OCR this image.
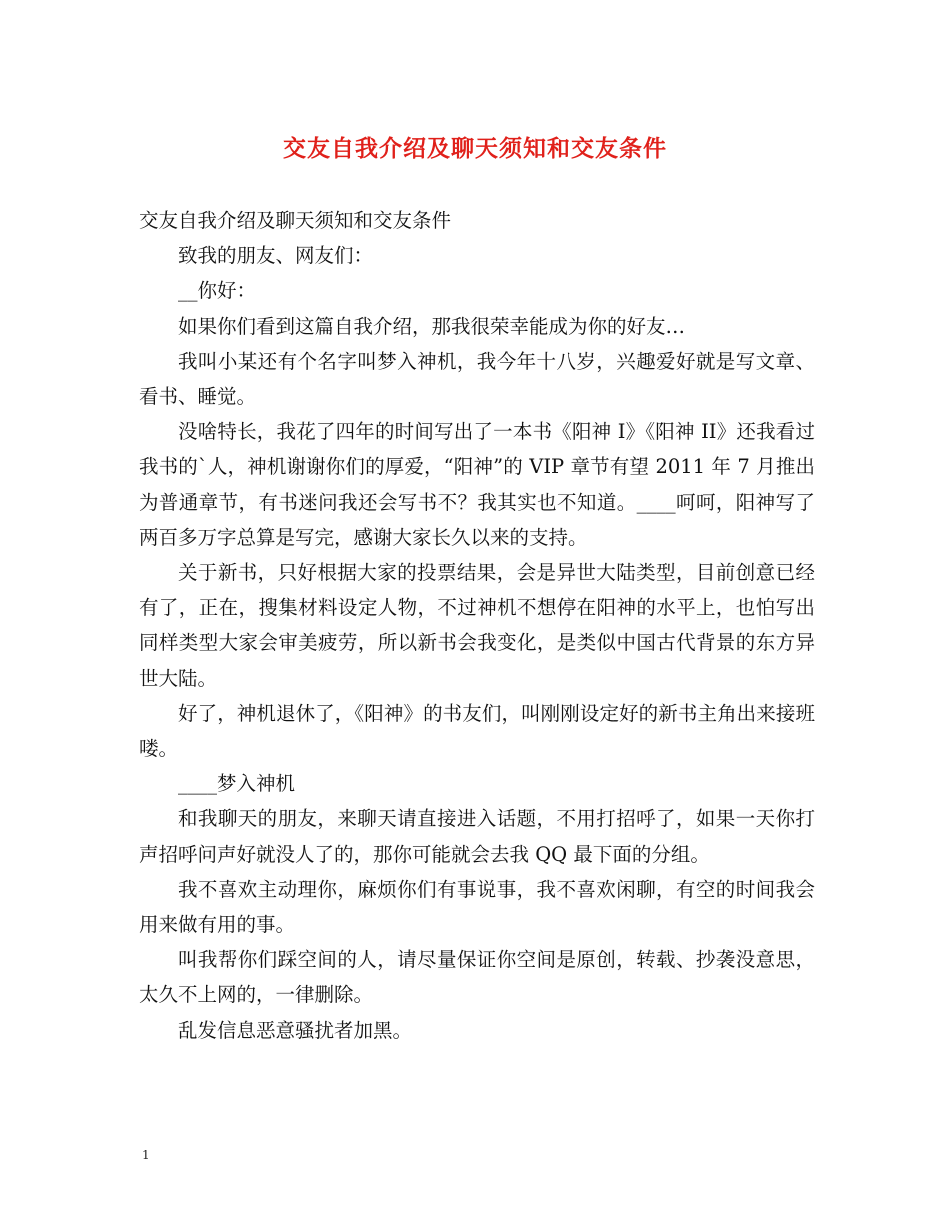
交友自我介绍及聊天须知和交友条件

交友自我介绍及聊天须知和交友条件

致我的朋友、网友们：

__你好：

如果你们看到这篇自我介绍，那我很荣幸能成为你的好友…

我叫小某还有个名字叫梦入神机，我今年十八岁，兴趣爱好就是写文章、看书、睡觉。

没啥特长，我花了四年的时间写出了一本书《阳神 I》《阳神 II》还我看过我书的`人，神机谢谢你们的厚爱，“阳神”的 VIP 章节有望 2011 年 7 月推出为普通章节，有书迷问我还会写书不？我其实也不知道。____呵呵，阳神写了两百多万字总算是写完，感谢大家长久以来的支持。

关于新书，只好根据大家的投票结果，会是异世大陆类型，目前创意已经有了，正在，搜集材料设定人物，不过神机不想停在阳神的水平上，也怕写出同样类型大家会审美疲劳，所以新书会我变化，是类似中国古代背景的东方异世大陆。

好了，神机退休了，《阳神》的书友们，叫刚刚设定好的新书主角出来接班喽。

____梦入神机

和我聊天的朋友，来聊天请直接进入话题，不用打招呼了，如果一天你打声招呼问声好就没人了的，那你可能就会去我 QQ 最下面的分组。

我不喜欢主动理你，麻烦你们有事说事，我不喜欢闲聊，有空的时间我会用来做有用的事。

叫我帮你们踩空间的人，请尽量保证你空间是原创，转载、抄袭没意思，太久不上网的，一律删除。

乱发信息恶意骚扰者加黑。

1
